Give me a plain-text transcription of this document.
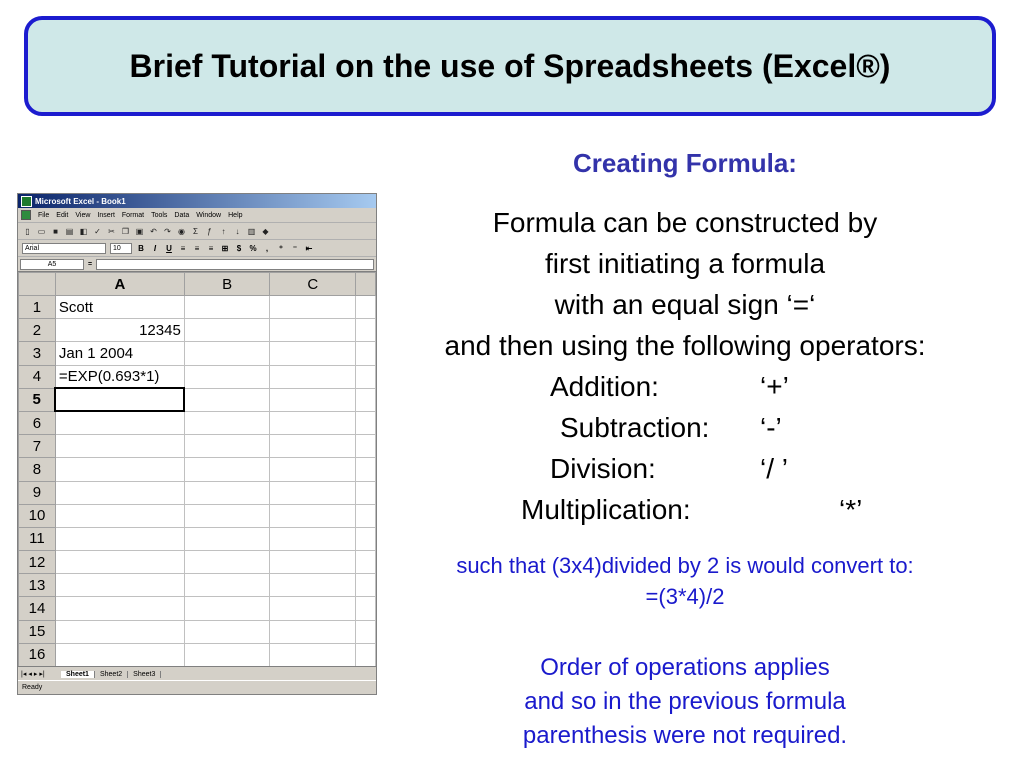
Brief Tutorial on the use of Spreadsheets (Excel®)
Microsoft Excel - Book1
File Edit View Insert Format Tools Data Window Help
▯	▭ ■ ▤ ◧ ✓ ✂ ❐ ▣ ↶ ↷ ◉	Σ	ƒ	↑	↓	▥ ◆
Arial	10	B	I	U	≡	≡	≡	⊞	$	%	,	⁺	⁻	⇤
A5	=
	A	B	C	
1	Scott			
2	12345			
3	Jan 1 2004			
4	=EXP(0.693*1)			
5				
6				
7				
8				
9				
10				
11				
12				
13				
14				
15				
16				
|◂ ◂ ▸ ▸|	Sheet1	Sheet2	Sheet3
Ready

Creating Formula:

Formula can be constructed by

first initiating a formula

with an equal sign ‘=‘

and then using the following operators:

Addition:	‘+’
Subtraction:	‘-’
Division:	‘/ ’
Multiplication:	‘*’

such that (3x4)divided by 2 is would convert to:

=(3*4)/2

Order of operations applies

and so in the previous formula

parenthesis were not required.
